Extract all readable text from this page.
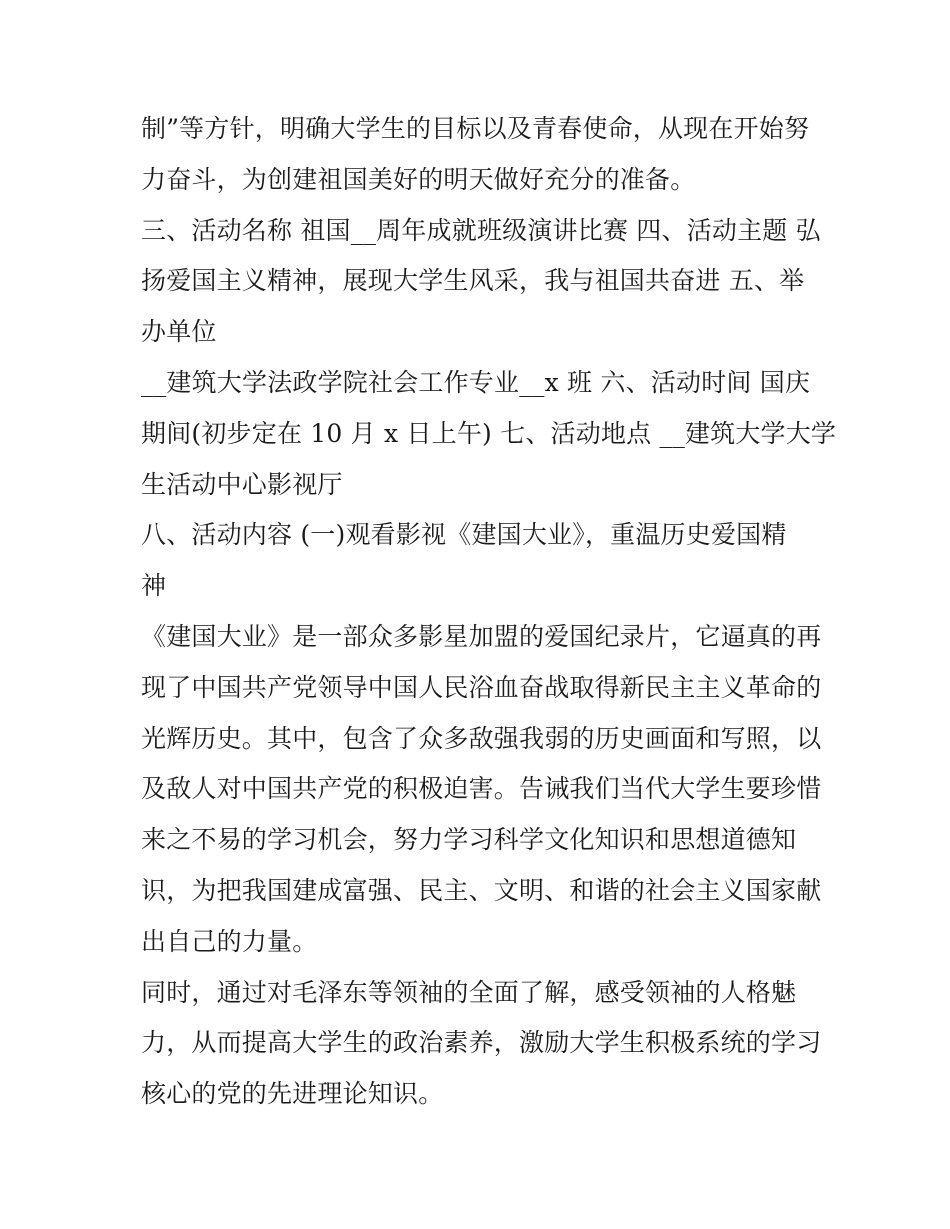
制”等方针，明确大学生的目标以及青春使命，从现在开始努
力奋斗，为创建祖国美好的明天做好充分的准备。
三、活动名称 祖国__周年成就班级演讲比赛 四、活动主题 弘
扬爱国主义精神，展现大学生风采，我与祖国共奋进 五、举
办单位
__建筑大学法政学院社会工作专业__x 班 六、活动时间 国庆
期间(初步定在 10 月 x 日上午) 七、活动地点 __建筑大学大学
生活动中心影视厅
八、活动内容 (一)观看影视《建国大业》，重温历史爱国精
神
《建国大业》是一部众多影星加盟的爱国纪录片，它逼真的再
现了中国共产党领导中国人民浴血奋战取得新民主主义革命的
光辉历史。其中，包含了众多敌强我弱的历史画面和写照，以
及敌人对中国共产党的积极迫害。告诫我们当代大学生要珍惜
来之不易的学习机会，努力学习科学文化知识和思想道德知
识，为把我国建成富强、民主、文明、和谐的社会主义国家献
出自己的力量。
同时，通过对毛泽东等领袖的全面了解，感受领袖的人格魅
力，从而提高大学生的政治素养，激励大学生积极系统的学习
核心的党的先进理论知识。
